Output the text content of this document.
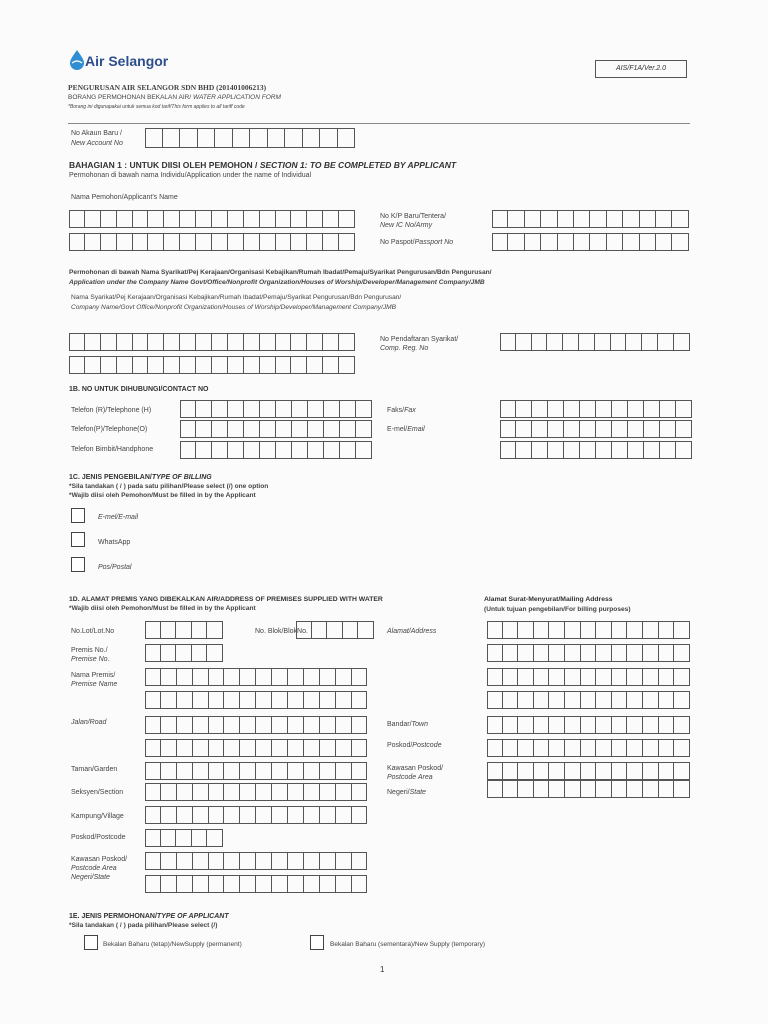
Air Selangor	AIS/F1A/Ver.2.0
PENGURUSAN AIR SELANGOR SDN BHD (201401006213)
BORANG PERMOHONAN BEKALAN AIR/ WATER APPLICATION FORM
*Borang ini digunapakai untuk semua kod tarif/This form applies to all tariff code
No Akaun Baru /
New Account No
BAHAGIAN 1 : UNTUK DIISI OLEH PEMOHON / SECTION 1: TO BE COMPLETED BY APPLICANT
Permohonan di bawah nama Individu/Application under the name of Individual
Nama Pemohon/Applicant's Name
No K/P Baru/Tentera/
New IC No/Army
No Paspot/Passport No
Permohonan di bawah Nama Syarikat/Pej Kerajaan/Organisasi Kebajikan/Rumah Ibadat/Pemaju/Syarikat Pengurusan/Bdn Pengurusan/
Application under the Company Name Govt/Office/Nonprofit Organization/Houses of Worship/Developer/Management Company/JMB
Nama Syarikat/Pej Kerajaan/Organisasi Kebajikan/Rumah Ibadat/Pemaju/Syarikat Pengurusan/Bdn Pengurusan/
Company Name/Govt Office/Nonprofit Organization/Houses of Worship/Developer/Management Company/JMB
No Pendaftaran Syarikat/
Comp. Reg. No
1B. NO UNTUK DIHUBUNGI/CONTACT NO
Telefon (R)/Telephone (H)
Telefon(P)/Telephone(O)
Telefon Bimbit/Handphone
Faks/Fax
E-mel/Email
1C. JENIS PENGEBILAN/TYPE OF BILLING
*Sila tandakan ( / ) pada satu pilihan/Please select (/) one option
*Wajib diisi oleh Pemohon/Must be filled in by the Applicant
E-mel/E-mail
WhatsApp
Pos/Postal
1D. ALAMAT PREMIS YANG DIBEKALKAN AIR/ADDRESS OF PREMISES SUPPLIED WITH WATER
*Wajib diisi oleh Pemohon/Must be filled in by the Applicant
Alamat Surat-Menyurat/Mailing Address
(Untuk tujuan pengebilan/For billing purposes)
No.Lot/Lot.No	No. Blok/BlokNo.
Premis No./
Premise No.
Nama Premis/
Premise Name
Jalan/Road
Taman/Garden
Seksyen/Section
Kampung/Village
Poskod/Postcode
Kawasan Poskod/
Postcode Area
Negeri/State
Alamat/Address
Bandar/Town
Poskod/Postcode
Kawasan Poskod/
Postcode Area
Negeri/State
1E. JENIS PERMOHONAN/TYPE OF APPLICANT
*Sila tandakan ( / ) pada pilihan/Please select (/)
Bekalan Baharu (tetap)/NewSupply (permanent)	Bekalan Baharu (sementara)/New Supply (temporary)
1
